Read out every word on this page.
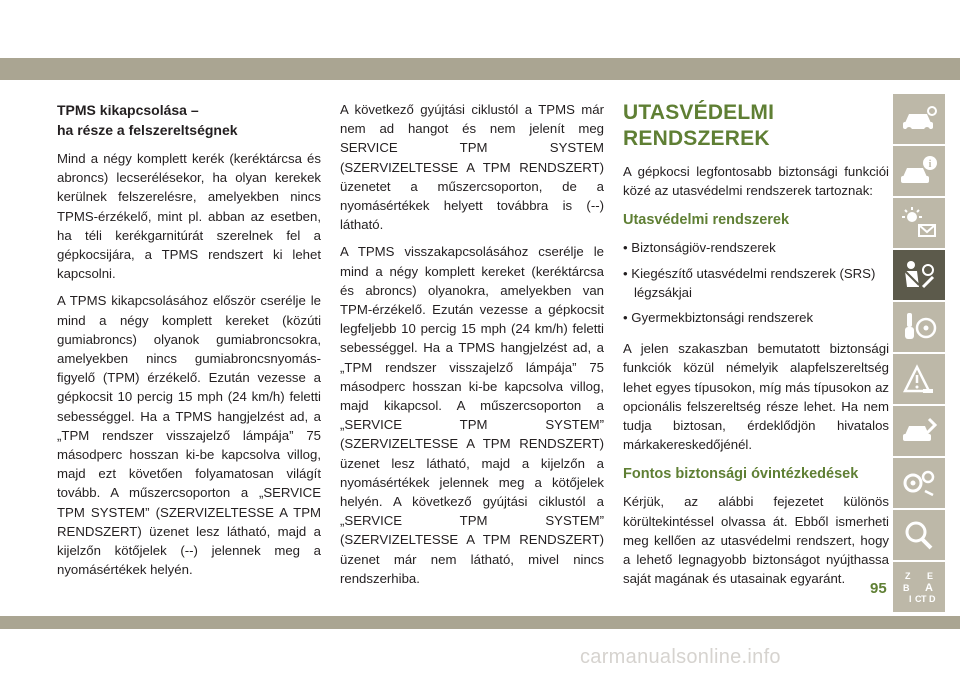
TPMS kikapcsolása –
ha része a felszereltségnek

Mind a négy komplett kerék (keréktárcsa és abroncs) lecserélésekor, ha olyan kerekek kerülnek felszerelésre, amelyekben nincs TPMS-érzékelő, mint pl. abban az esetben, ha téli kerékgarnitúrát szerelnek fel a gépkocsijára, a TPMS rendszert ki lehet kapcsolni.

A TPMS kikapcsolásához először cserélje le mind a négy komplett kereket (közúti gumiabroncs) olyanok gumiabroncsokra, amelyekben nincs gumiabroncsnyomás-figyelő (TPM) érzékelő. Ezután vezesse a gépkocsit 10 percig 15 mph (24 km/h) feletti sebességgel. Ha a TPMS hangjelzést ad, a „TPM rendszer visszajelző lámpája” 75 másodperc hosszan ki-be kapcsolva villog, majd ezt követően folyamatosan világít tovább. A műszercsoporton a „SERVICE TPM SYSTEM” (SZERVIZELTESSE A TPM RENDSZERT) üzenet lesz látható, majd a kijelzőn kötőjelek (--) jelennek meg a nyomásértékek helyén.

A következő gyújtási ciklustól a TPMS már nem ad hangot és nem jelenít meg SERVICE TPM SYSTEM (SZERVIZELTESSE A TPM RENDSZERT) üzenetet a műszercsoporton, de a nyomásértékek helyett továbbra is (--) látható.

A TPMS visszakapcsolásához cserélje le mind a négy komplett kereket (keréktárcsa és abroncs) olyanokra, amelyekben van TPM-érzékelő. Ezután vezesse a gépkocsit legfeljebb 10 percig 15 mph (24 km/h) feletti sebességgel. Ha a TPMS hangjelzést ad, a „TPM rendszer visszajelző lámpája” 75 másodperc hosszan ki-be kapcsolva villog, majd kikapcsol. A műszercsoporton a „SERVICE TPM SYSTEM” (SZERVIZELTESSE A TPM RENDSZERT) üzenet lesz látható, majd a kijelzőn a nyomásértékek jelennek meg a kötőjelek helyén. A következő gyújtási ciklustól a „SERVICE TPM SYSTEM” (SZERVIZELTESSE A TPM RENDSZERT) üzenet már nem látható, mivel nincs rendszerhiba.

UTASVÉDELMI
RENDSZEREK

A gépkocsi legfontosabb biztonsági funkciói közé az utasvédelmi rendszerek tartoznak:

Utasvédelmi rendszerek
• Biztonságiöv-rendszerek
• Kiegészítő utasvédelmi rendszerek (SRS) légzsákjai
• Gyermekbiztonsági rendszerek

A jelen szakaszban bemutatott biztonsági funkciók közül némelyik alapfelszereltség lehet egyes típusokon, míg más típusokon az opcionális felszereltség része lehet. Ha nem tudja biztosan, érdeklődjön hivatalos márkakereskedőjénél.

Fontos biztonsági óvintézkedések

Kérjük, az alábbi fejezetet különös körültekintéssel olvassa át. Ebből ismerheti meg kellően az utasvédelmi rendszert, hogy a lehető legnagyobb biztonságot nyújthassa saját magának és utasainak egyaránt.

i
Z E
B A
I C T D
95
carmanualsonline.info
